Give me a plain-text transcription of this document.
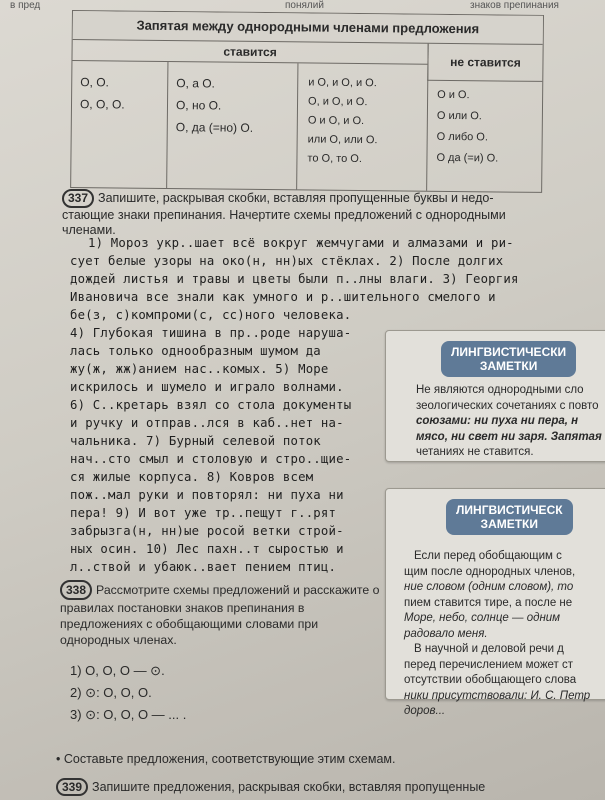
в пред	понялий	знаков препинания
Запятая между однородными членами предложения
ставится
не ставится
О, О.
О, О, О.
О, а О.
О, но О.
О, да (=но) О.
и О, и О, и О.
О, и О, и О.
О и О, и О.
или О, или О.
то О, то О.
О и О.
О или О.
О либо О.
О да (=и) О.
337 Запишите, раскрывая скобки, вставляя пропущенные буквы и недо-
стающие знаки препинания. Начертите схемы предложений с однородными
членами.
1) Мороз укр..шает всё вокруг жемчугами и алмазами и ри-
сует белые узоры на око(н, нн)ых стёклах. 2) После долгих
дождей листья и травы и цветы были п..лны влаги. 3) Георгия
Ивановича все знали как умного и р..шительного смелого и
бе(з, с)компроми(с, сс)ного человека.
4) Глубокая тишина в пр..роде наруша-
лась только однообразным шумом да
жу(ж, жж)анием нас..комых. 5) Море
искрилось и шумело и играло волнами.
6) С..кретарь взял со стола документы
и ручку и отправ..лся в каб..нет на-
чальника. 7) Бурный селевой поток
нач..сто смыл и столовую и стро..щие-
ся жилые корпуса. 8) Ковров всем
пож..мал руки и повторял: ни пуха ни
пера! 9) И вот уже тр..пещут г..рят
забрызга(н, нн)ые росой ветки строй-
ных осин. 10) Лес пахн..т сыростью и
л..ствой и убаюк..вает пением птиц.
ЛИНГВИСТИЧЕСКИ
ЗАМЕТКИ
Не являются однородными сло
зеологических сочетаниях с повто
союзами: ни пуха ни пера, н
мясо, ни свет ни заря. Запятая
четаниях не ставится.
ЛИНГВИСТИЧЕСК
ЗАМЕТКИ
Если перед обобщающим с
щим после однородных членов,
ние словом (одним словом), то
пием ставится тире, а после не
Море, небо, солнце — одним
радовало меня.
В научной и деловой речи д
перед перечислением может ст
отсутствии обобщающего слова
ники присутствовали: И. С. Петр
доров...
338 Рассмотрите схемы предложений и расскажите о правилах постановки знаков препинания в предложениях с обобщающими словами при однородных членах.
1) О, О, О — ⊙.
2) ⊙: О, О, О.
3) ⊙: О, О, О — ... .
• Составьте предложения, соответствующие этим схемам.
339 Запишите предложения, раскрывая скобки, вставляя пропущенные
